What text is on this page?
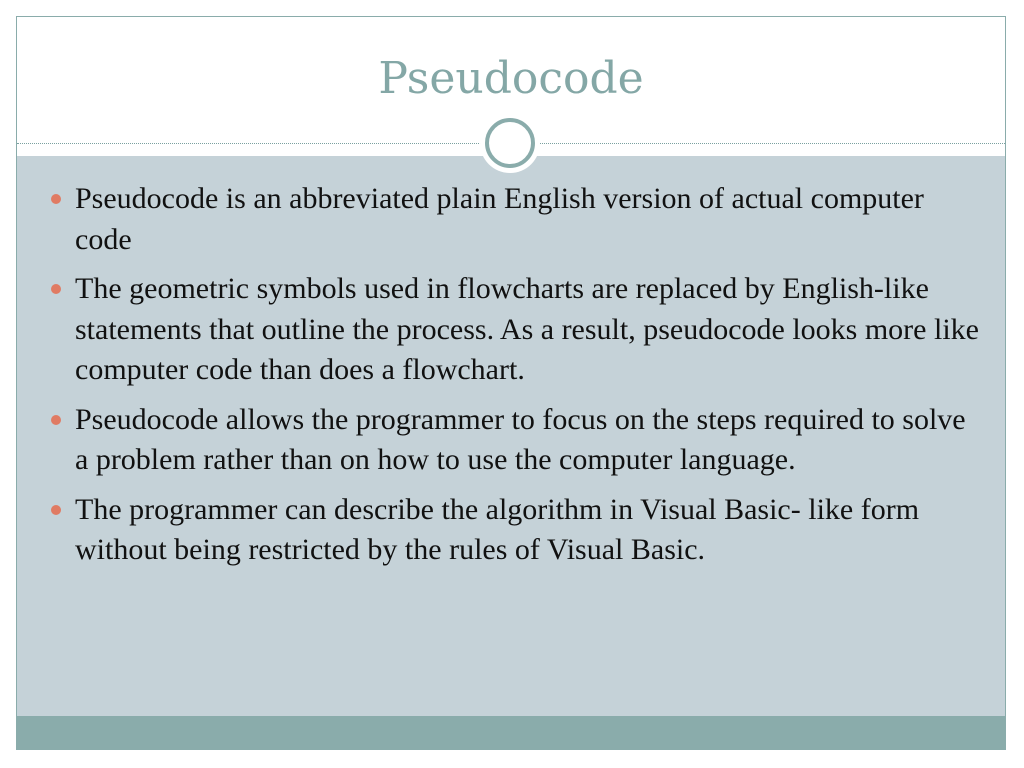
Pseudocode
Pseudocode is an abbreviated plain English version of actual computer code
The geometric symbols used in flowcharts are replaced by English-like statements that outline the process. As a result, pseudocode looks more like computer code than does a flowchart.
Pseudocode allows the programmer to focus on the steps required to solve a problem rather than on how to use the computer language.
The programmer can describe the algorithm in Visual Basic- like form without being restricted by the rules of Visual Basic.
